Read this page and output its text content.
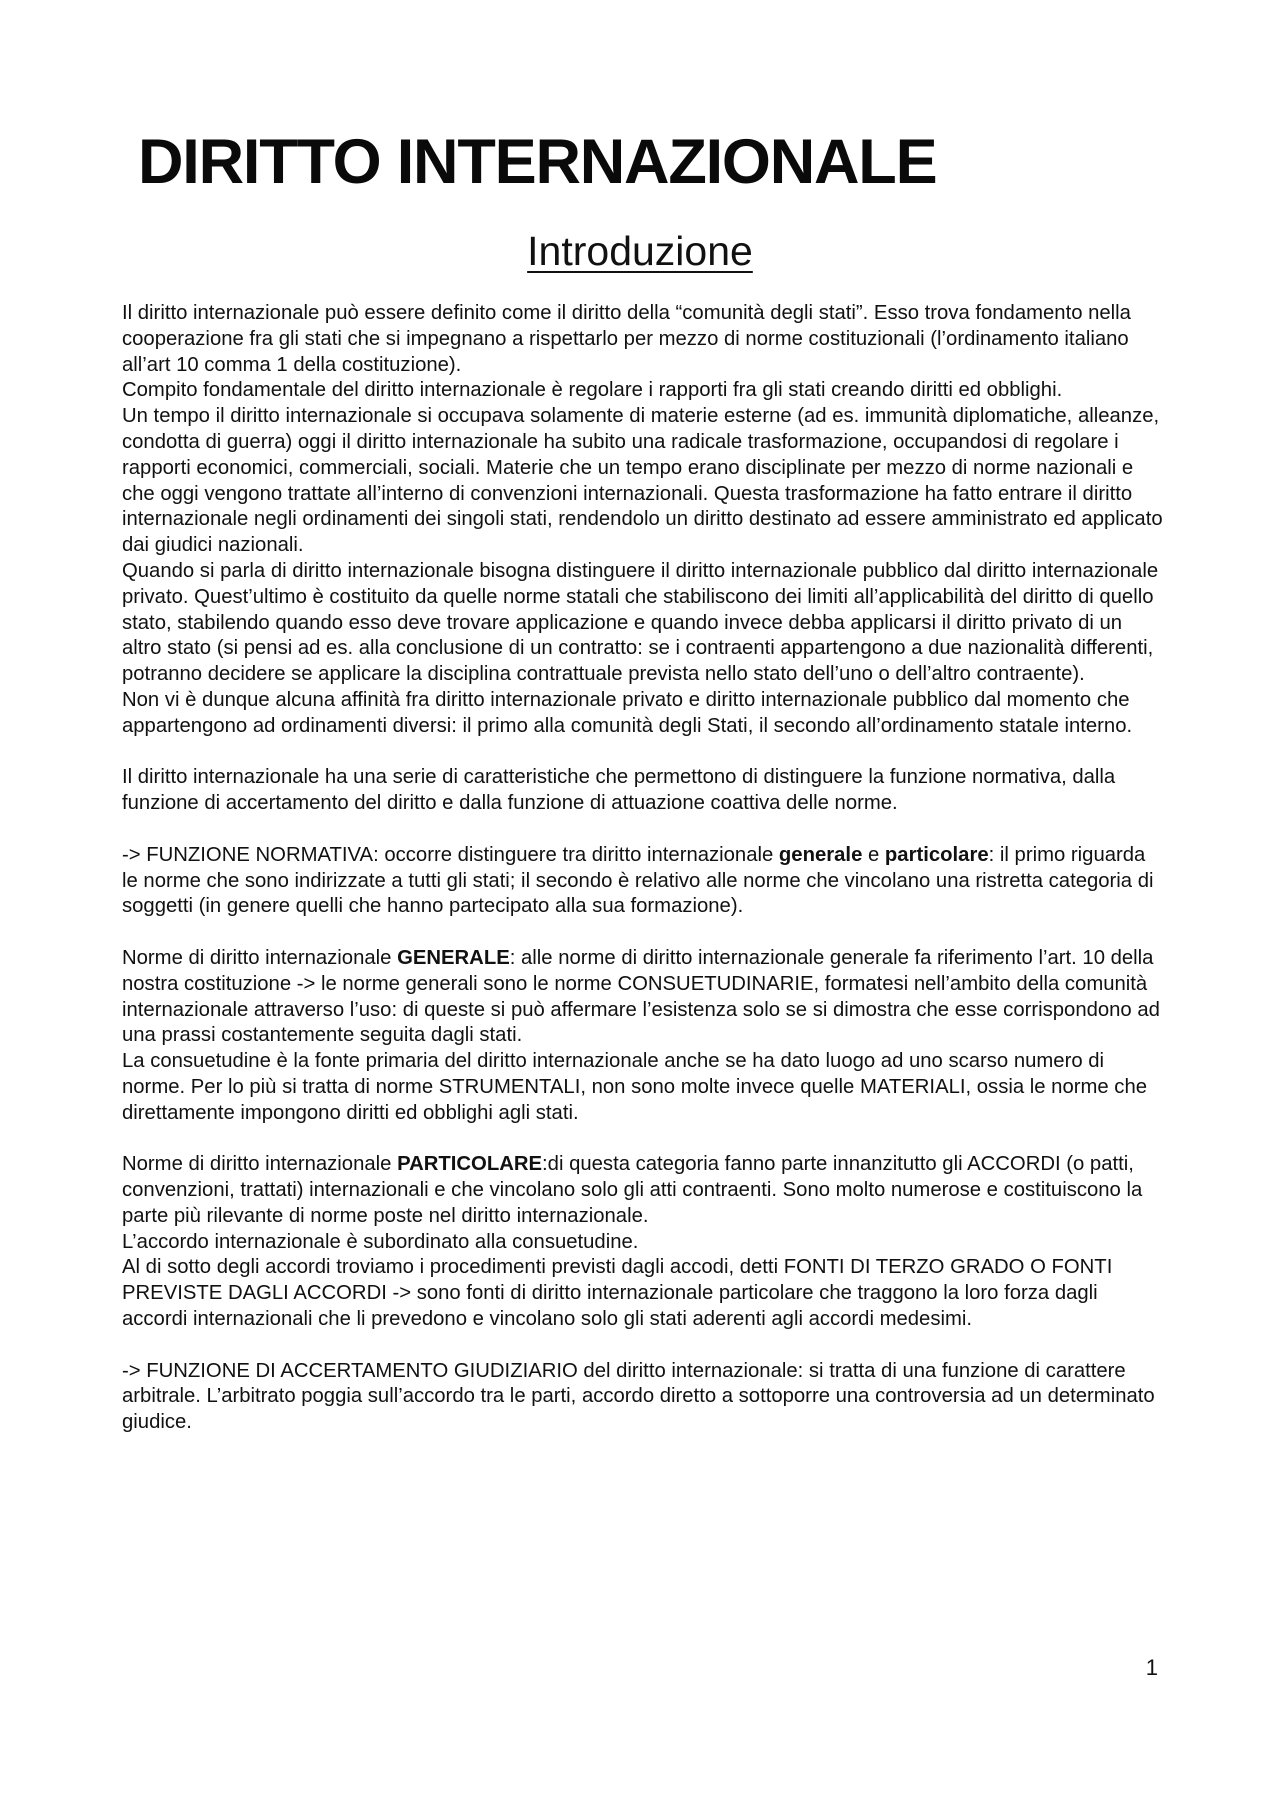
DIRITTO INTERNAZIONALE
Introduzione

Il diritto internazionale può essere definito come il diritto della “comunità degli stati”. Esso trova fondamento nella cooperazione fra gli stati che si impegnano a rispettarlo per mezzo di norme costituzionali (l’ordinamento italiano all’art 10 comma 1 della costituzione).

Compito fondamentale del diritto internazionale è regolare i rapporti fra gli stati creando diritti ed obblighi.

Un tempo il diritto internazionale si occupava solamente di materie esterne (ad es. immunità diplomatiche, alleanze, condotta di guerra) oggi il diritto internazionale ha subito una radicale trasformazione, occupandosi di regolare i rapporti economici, commerciali, sociali. Materie che un tempo erano disciplinate per mezzo di norme nazionali e che oggi vengono trattate all’interno di convenzioni internazionali. Questa trasformazione ha fatto entrare il diritto internazionale negli ordinamenti dei singoli stati, rendendolo un diritto destinato ad essere amministrato ed applicato dai giudici nazionali.

Quando si parla di diritto internazionale bisogna distinguere il diritto internazionale pubblico dal diritto internazionale privato. Quest’ultimo è costituito da quelle norme statali che stabiliscono dei limiti all’applicabilità del diritto di quello stato, stabilendo quando esso deve trovare applicazione e quando invece debba applicarsi il diritto privato di un altro stato (si pensi ad es. alla conclusione di un contratto: se i contraenti appartengono a due nazionalità differenti, potranno decidere se applicare la disciplina contrattuale prevista nello stato dell’uno o dell’altro contraente).

Non vi è dunque alcuna affinità fra diritto internazionale privato e diritto internazionale pubblico dal momento che appartengono ad ordinamenti diversi: il primo alla comunità degli Stati, il secondo all’ordinamento statale interno.

Il diritto internazionale ha una serie di caratteristiche che permettono di distinguere la funzione normativa, dalla funzione di accertamento del diritto e dalla funzione di attuazione coattiva delle norme.

-> FUNZIONE NORMATIVA: occorre distinguere tra diritto internazionale generale e particolare: il primo riguarda le norme che sono indirizzate a tutti gli stati; il secondo è relativo alle norme che vincolano una ristretta categoria di soggetti (in genere quelli che hanno partecipato alla sua formazione).

Norme di diritto internazionale GENERALE: alle norme di diritto internazionale generale fa riferimento l’art. 10 della nostra costituzione -> le norme generali sono le norme CONSUETUDINARIE, formatesi nell’ambito della comunità internazionale attraverso l’uso: di queste si può affermare l’esistenza solo se si dimostra che esse corrispondono ad una prassi costantemente seguita dagli stati.

La consuetudine è la fonte primaria del diritto internazionale anche se ha dato luogo ad uno scarso numero di norme. Per lo più si tratta di norme STRUMENTALI, non sono molte invece quelle MATERIALI, ossia le norme che direttamente impongono diritti ed obblighi agli stati.

Norme di diritto internazionale PARTICOLARE:di questa categoria fanno parte innanzitutto gli ACCORDI (o patti, convenzioni, trattati) internazionali e che vincolano solo gli atti contraenti. Sono molto numerose e costituiscono la parte più rilevante di norme poste nel diritto internazionale.

L’accordo internazionale è subordinato alla consuetudine.

Al di sotto degli accordi troviamo i procedimenti previsti dagli accodi, detti FONTI DI TERZO GRADO O FONTI PREVISTE DAGLI ACCORDI -> sono fonti di diritto internazionale particolare che traggono la loro forza dagli accordi internazionali che li prevedono e vincolano solo gli stati aderenti agli accordi medesimi.

-> FUNZIONE DI ACCERTAMENTO GIUDIZIARIO del diritto internazionale: si tratta di una funzione di carattere arbitrale. L’arbitrato poggia sull’accordo tra le parti, accordo diretto a sottoporre una controversia ad un determinato giudice.

1
